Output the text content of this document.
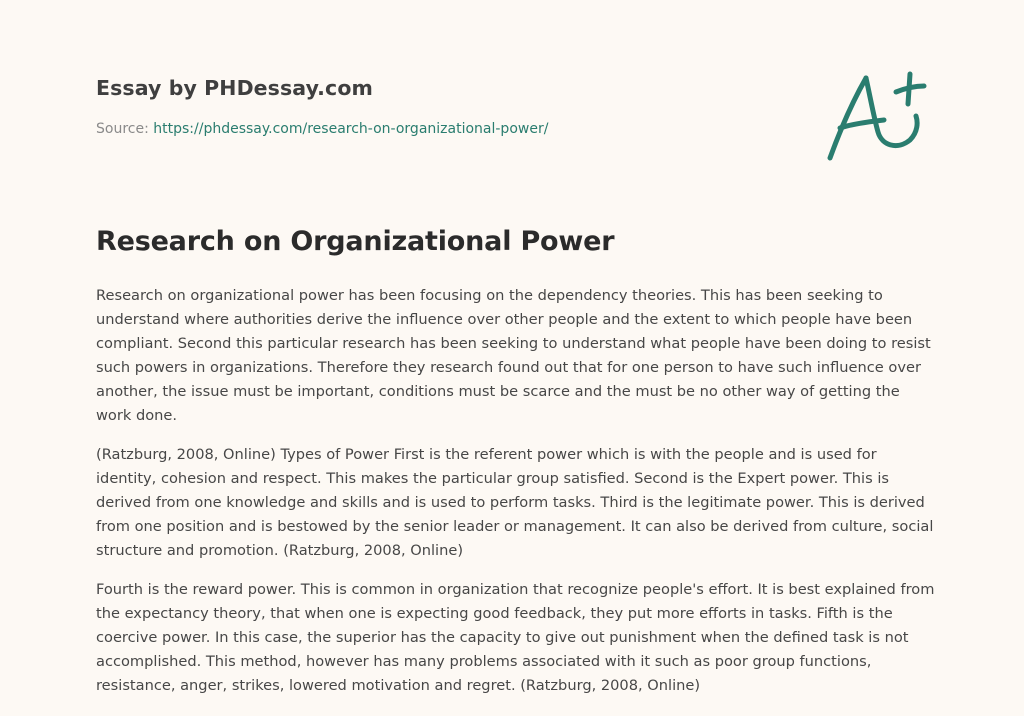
Essay by PHDessay.com
Source: https://phdessay.com/research-on-organizational-power/
Research on Organizational Power

Research on organizational power has been focusing on the dependency theories. This has been seeking to understand where authorities derive the influence over other people and the extent to which people have been compliant. Second this particular research has been seeking to understand what people have been doing to resist such powers in organizations. Therefore they research found out that for one person to have such influence over another, the issue must be important, conditions must be scarce and the must be no other way of getting the work done.

(Ratzburg, 2008, Online) Types of Power First is the referent power which is with the people and is used for identity, cohesion and respect. This makes the particular group satisfied. Second is the Expert power. This is derived from one knowledge and skills and is used to perform tasks. Third is the legitimate power. This is derived from one position and is bestowed by the senior leader or management. It can also be derived from culture, social structure and promotion. (Ratzburg, 2008, Online)

Fourth is the reward power. This is common in organization that recognize people's effort. It is best explained from the expectancy theory, that when one is expecting good feedback, they put more efforts in tasks. Fifth is the coercive power. In this case, the superior has the capacity to give out punishment when the defined task is not accomplished. This method, however has many problems associated with it such as poor group functions, resistance, anger, strikes, lowered motivation and regret. (Ratzburg, 2008, Online)
